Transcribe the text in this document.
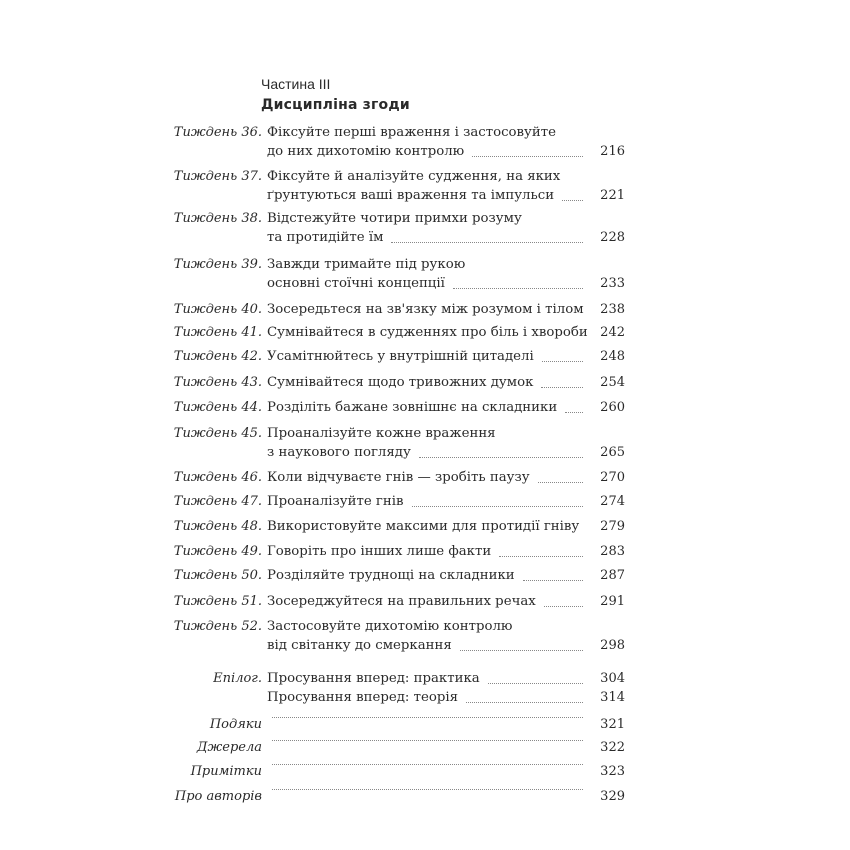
Частина III
Дисципліна згоди
Тиждень 36. Фіксуйте перші враження і застосовуйте
до них дихотомію контролю	216
Тиждень 37. Фіксуйте й аналізуйте судження, на яких
ґрунтуються ваші враження та імпульси	221
Тиждень 38. Відстежуйте чотири примхи розуму
та протидійте їм	228
Тиждень 39. Завжди тримайте під рукою
основні стоїчні концепції	233
Тиждень 40. Зосередьтеся на зв'язку між розумом і тілом	238
Тиждень 41. Сумнівайтеся в судженнях про біль і хвороби 242
Тиждень 42. Усамітнюйтесь у внутрішній цитаделі	248
Тиждень 43. Сумнівайтеся щодо тривожних думок	254
Тиждень 44. Розділіть бажане зовнішнє на складники	260
Тиждень 45. Проаналізуйте кожне враження
з наукового погляду	265
Тиждень 46. Коли відчуваєте гнів — зробіть паузу	270
Тиждень 47. Проаналізуйте гнів	274
Тиждень 48. Використовуйте максими для протидії гніву	279
Тиждень 49. Говоріть про інших лише факти	283
Тиждень 50. Розділяйте труднощі на складники	287
Тиждень 51. Зосереджуйтеся на правильних речах	291
Тиждень 52. Застосовуйте дихотомію контролю
від світанку до смеркання	298
Епілог. Просування вперед: практика	304
Просування вперед: теорія	314
Подяки	321
Джерела	322
Примітки	323
Про авторів	329
